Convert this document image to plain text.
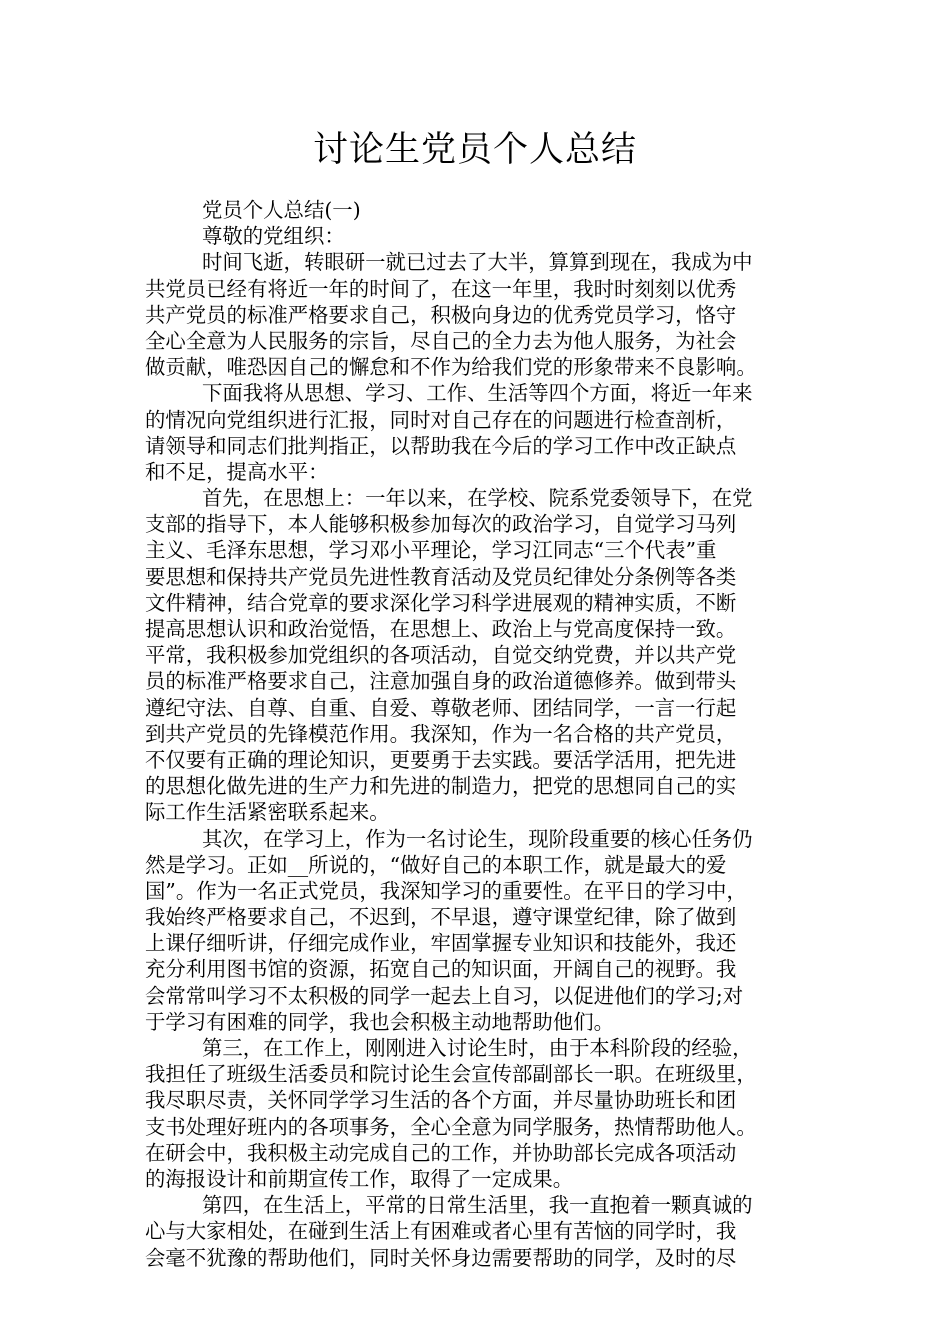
讨论生党员个人总结
党员个人总结(一)
尊敬的党组织：
时间飞逝，转眼研一就已过去了大半，算算到现在，我成为中
共党员已经有将近一年的时间了，在这一年里，我时时刻刻以优秀
共产党员的标准严格要求自己，积极向身边的优秀党员学习，恪守
全心全意为人民服务的宗旨，尽自己的全力去为他人服务，为社会
做贡献，唯恐因自己的懈怠和不作为给我们党的形象带来不良影响。
下面我将从思想、学习、工作、生活等四个方面，将近一年来
的情况向党组织进行汇报，同时对自己存在的问题进行检查剖析，
请领导和同志们批判指正，以帮助我在今后的学习工作中改正缺点
和不足，提高水平：
首先，在思想上：一年以来，在学校、院系党委领导下，在党
支部的指导下，本人能够积极参加每次的政治学习，自觉学习马列
主义、毛泽东思想，学习邓小平理论，学习江同志“三个代表”重
要思想和保持共产党员先进性教育活动及党员纪律处分条例等各类
文件精神，结合党章的要求深化学习科学进展观的精神实质，不断
提高思想认识和政治觉悟，在思想上、政治上与党高度保持一致。
平常，我积极参加党组织的各项活动，自觉交纳党费，并以共产党
员的标准严格要求自己，注意加强自身的政治道德修养。做到带头
遵纪守法、自尊、自重、自爱、尊敬老师、团结同学，一言一行起
到共产党员的先锋模范作用。我深知，作为一名合格的共产党员，
不仅要有正确的理论知识，更要勇于去实践。要活学活用，把先进
的思想化做先进的生产力和先进的制造力，把党的思想同自己的实
际工作生活紧密联系起来。
其次，在学习上，作为一名讨论生，现阶段重要的核心任务仍
然是学习。正如__所说的，“做好自己的本职工作，就是最大的爱
国”。作为一名正式党员，我深知学习的重要性。在平日的学习中，
我始终严格要求自己，不迟到，不早退，遵守课堂纪律，除了做到
上课仔细听讲，仔细完成作业，牢固掌握专业知识和技能外，我还
充分利用图书馆的资源，拓宽自己的知识面，开阔自己的视野。我
会常常叫学习不太积极的同学一起去上自习，以促进他们的学习;对
于学习有困难的同学，我也会积极主动地帮助他们。
第三，在工作上，刚刚进入讨论生时，由于本科阶段的经验，
我担任了班级生活委员和院讨论生会宣传部副部长一职。在班级里，
我尽职尽责，关怀同学学习生活的各个方面，并尽量协助班长和团
支书处理好班内的各项事务，全心全意为同学服务，热情帮助他人。
在研会中，我积极主动完成自己的工作，并协助部长完成各项活动
的海报设计和前期宣传工作，取得了一定成果。
第四，在生活上，平常的日常生活里，我一直抱着一颗真诚的
心与大家相处，在碰到生活上有困难或者心里有苦恼的同学时，我
会毫不犹豫的帮助他们，同时关怀身边需要帮助的同学，及时的尽
